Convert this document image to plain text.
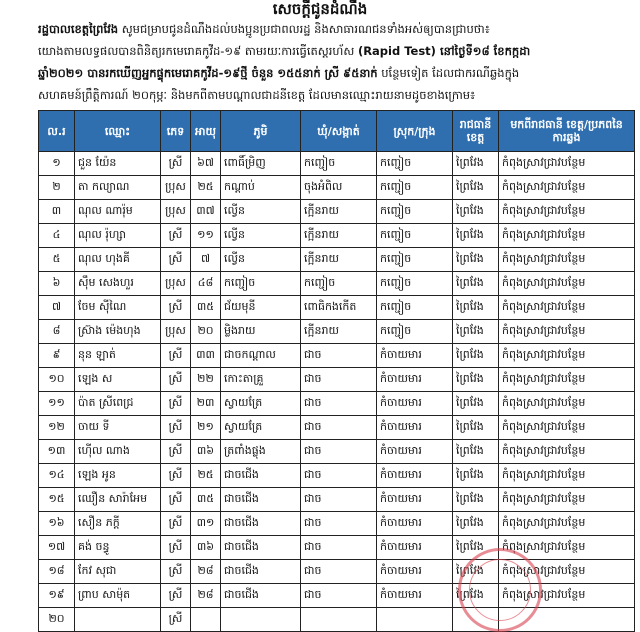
សេចក្ដីជូនដំណឹង
រដ្ឋបាលខេត្តព្រៃវែង សូមជម្រាបជូនដំណឹងដល់បងប្អូនប្រជាពលរដ្ឋ និងសាធារណជនទាំងអស់ឲ្យបានជ្រាបថា៖
យោងតាមលទ្ធផលបានពិនិត្យរកមេរោគកូវីដ-១៩ តាមរយៈការធ្វើតេស្តរហ័ស (Rapid Test) នៅថ្ងៃទី១៨ ខែកក្កដា
ឆ្នាំ២០២១ បានរកឃើញអ្នកផ្ទុកមេរោគកូវីដ-១៩ថ្មី ចំនួន ១៥៥នាក់ ស្រី ៩៥នាក់ បន្ថែមទៀត ដែលជាករណីឆ្លងក្នុង
សហគមន៍ព្រឹត្តិការណ៍ ២០កុម្ភៈ និងមកពីតាមបណ្ដាលជាដនីខេត្ត ដែលមានឈ្មោះរាយនាមដូចខាងក្រោម៖
ល.រ	ឈ្មោះ	ភេទ	អាយុ	ភូមិ	ឃុំ/សង្កាត់	ស្រុក/ក្រុង	រាជធានី ខេត្ត	មកពីរាជធានី ខេត្ត/ប្រភពនៃ ការឆ្លង
១	ជួន យ៉ែន	ស្រី	៦៧	ពោធិ៍ម្រិញ	កញ្ជៀច	កញ្ជៀច	ព្រៃវែង	កំពុងស្រាវជ្រាវបន្ថែម
២	តា កល្យាណ	ប្រុស	២៥	កណ្ដាប់	ចុងអំពិល	កញ្ជៀច	ព្រៃវែង	កំពុងស្រាវជ្រាវបន្ថែម
៣	ណុល ណារ៉ុម	ប្រុស	៣៧	ល្វើន	ក្អើនរាយ	កញ្ជៀច	ព្រៃវែង	កំពុងស្រាវជ្រាវបន្ថែម
៤	ណុល រ៉ុហ្សា	ស្រី	១១	ល្វើន	ក្អើនរាយ	កញ្ជៀច	ព្រៃវែង	កំពុងស្រាវជ្រាវបន្ថែម
៥	ណុល ហុងគី	ស្រី	៧	ល្វើន	ក្អើនរាយ	កញ្ជៀច	ព្រៃវែង	កំពុងស្រាវជ្រាវបន្ថែម
៦	ស៊ឹម សេងហួរ	ប្រុស	៤៨	កញ្ជៀច	កញ្ជៀច	កញ្ជៀច	ព្រៃវែង	កំពុងស្រាវជ្រាវបន្ថែម
៧	ចែម ស៊ីណៃ	ស្រី	៣៥	ជ័យមុនី	ពោធិកងកើត	កញ្ជៀច	ព្រៃវែង	កំពុងស្រាវជ្រាវបន្ថែម
៨	ស្រ៊ាង ម៉េងហុង	ប្រុស	២០	ម្លិងរាយ	ក្អើនរាយ	កញ្ជៀច	ព្រៃវែង	កំពុងស្រាវជ្រាវបន្ថែម
៩	នុន ឡាត់	ស្រី	៣៣	ជាចកណ្ដាល	ជាច	កំចាយមារ	ព្រៃវែង	កំពុងស្រាវជ្រាវបន្ថែម
១០	ឡេង ស	ស្រី	២២	កោះតាគ្រួ	ជាច	កំចាយមារ	ព្រៃវែង	កំពុងស្រាវជ្រាវបន្ថែម
១១	ប៉ាត ស្រីពេជ្រ	ស្រី	២៣	ស្វាយត្រែ	ជាច	កំចាយមារ	ព្រៃវែង	កំពុងស្រាវជ្រាវបន្ថែម
១២	ចាយ ទី	ស្រី	២១	ស្វាយត្រែ	ជាច	កំចាយមារ	ព្រៃវែង	កំពុងស្រាវជ្រាវបន្ថែម
១៣	ហ៊ើល ណាង	ស្រី	៣៦	ត្រពាំងផ្លុង	ជាច	កំចាយមារ	ព្រៃវែង	កំពុងស្រាវជ្រាវបន្ថែម
១៤	ឡេង អូន	ស្រី	២៥	ជាចជើង	ជាច	កំចាយមារ	ព្រៃវែង	កំពុងស្រាវជ្រាវបន្ថែម
១៥	ឈឿន សារ៉ាអែម	ស្រី	៣៥	ជាចជើង	ជាច	កំចាយមារ	ព្រៃវែង	កំពុងស្រាវជ្រាវបន្ថែម
១៦	សឿន ភក្តី	ស្រី	៣១	ជាចជើង	ជាច	កំចាយមារ	ព្រៃវែង	កំពុងស្រាវជ្រាវបន្ថែម
១៧	គង់ ចន្ធូ	ស្រី	៣៦	ជាចជើង	ជាច	កំចាយមារ	ព្រៃវែង	កំពុងស្រាវជ្រាវបន្ថែម
១៨	កែវ សុជា	ស្រី	២៨	ជាចជើង	ជាច	កំចាយមារ	ព្រៃវែង	កំពុងស្រាវជ្រាវបន្ថែម
១៩	ព្រាប សាម៉ុត	ស្រី	២៨	ជាចជើង	ជាច	កំចាយមារ	ព្រៃវែង	កំពុងស្រាវជ្រាវបន្ថែម
២០		ស្រី						
